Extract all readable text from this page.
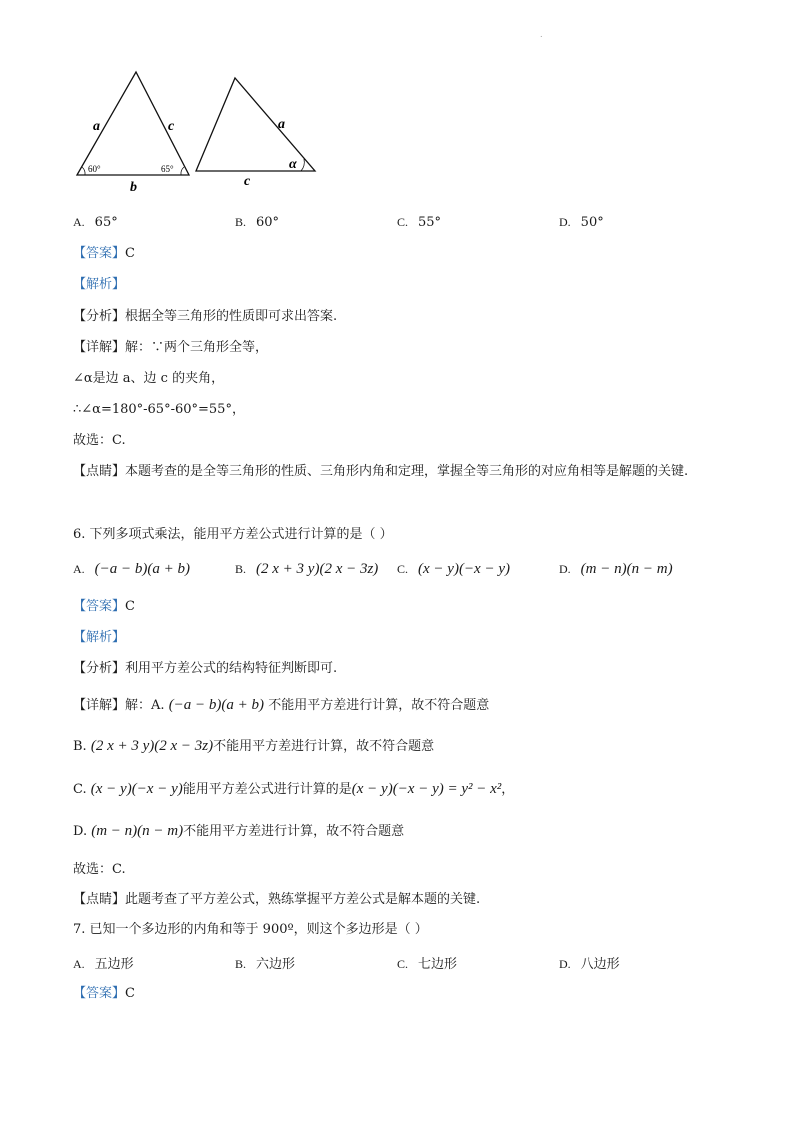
.
a
b
c
60°	65°
a
c
α
A. 65°	B. 60°	C. 55°	D. 50°
【答案】C
【解析】
【分析】根据全等三角形的性质即可求出答案.
【详解】解：∵两个三角形全等，
∠α是边 a、边 c 的夹角，
∴∠α=180°-65°-60°=55°，
故选：C.
【点睛】本题考查的是全等三角形的性质、三角形内角和定理，掌握全等三角形的对应角相等是解题的关键.
6. 下列多项式乘法，能用平方差公式进行计算的是（ ）
A. (−a − b)(a + b)	B. (2 x + 3 y)(2 x − 3z) C. (x − y)(−x − y)	D. (m − n)(n − m)
【答案】C
【解析】
【分析】利用平方差公式的结构特征判断即可.
【详解】解：A. (−a − b)(a + b) 不能用平方差进行计算，故不符合题意
B. (2 x + 3 y)(2 x − 3z)不能用平方差进行计算，故不符合题意
C. (x − y)(−x − y)能用平方差公式进行计算的是(x − y)(−x − y) = y² − x²，
D. (m − n)(n − m)不能用平方差进行计算，故不符合题意
故选：C.
【点睛】此题考查了平方差公式，熟练掌握平方差公式是解本题的关键.
7. 已知一个多边形的内角和等于 900º，则这个多边形是（ ）
A. 五边形	B. 六边形	C. 七边形	D. 八边形
【答案】C
